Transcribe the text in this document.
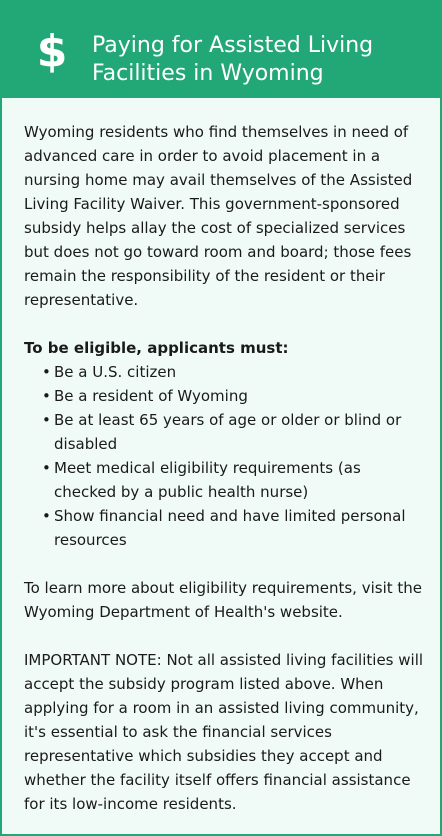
$ Paying for Assisted Living Facilities in Wyoming

Wyoming residents who find themselves in need of advanced care in order to avoid placement in a nursing home may avail themselves of the Assisted Living Facility Waiver. This government-sponsored subsidy helps allay the cost of specialized services but does not go toward room and board; those fees remain the responsibility of the resident or their representative.

To be eligible, applicants must:

• Be a U.S. citizen
• Be a resident of Wyoming
• Be at least 65 years of age or older or blind or disabled
• Meet medical eligibility requirements (as checked by a public health nurse)
• Show financial need and have limited personal resources

To learn more about eligibility requirements, visit the Wyoming Department of Health's website.

IMPORTANT NOTE: Not all assisted living facilities will accept the subsidy program listed above. When applying for a room in an assisted living community, it's essential to ask the financial services representative which subsidies they accept and whether the facility itself offers financial assistance for its low-income residents.
